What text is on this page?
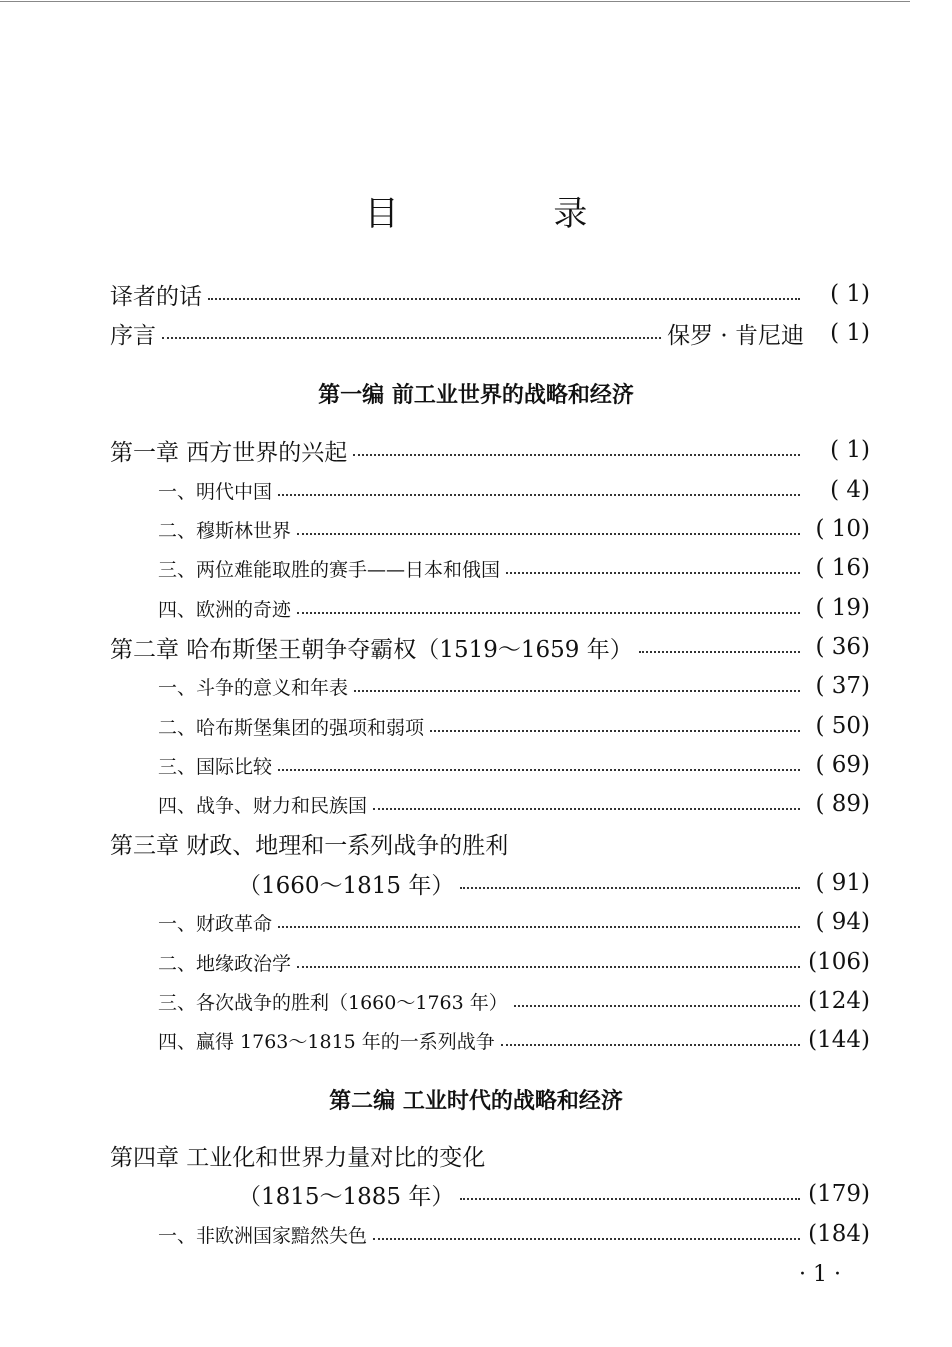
目 录
译者的话	( 1)
序言	保罗 · 肯尼迪	( 1)
第一编 前工业世界的战略和经济
第一章 西方世界的兴起	( 1)
一、明代中国	( 4)
二、穆斯林世界	( 10)
三、两位难能取胜的赛手——日本和俄国	( 16)
四、欧洲的奇迹	( 19)
第二章 哈布斯堡王朝争夺霸权（1519～1659 年）	( 36)
一、斗争的意义和年表	( 37)
二、哈布斯堡集团的强项和弱项	( 50)
三、国际比较	( 69)
四、战争、财力和民族国	( 89)
第三章 财政、地理和一系列战争的胜利
（1660～1815 年）	( 91)
一、财政革命	( 94)
二、地缘政治学	(106)
三、各次战争的胜利（1660～1763 年）	(124)
四、赢得 1763～1815 年的一系列战争	(144)
第二编 工业时代的战略和经济
第四章 工业化和世界力量对比的变化
（1815～1885 年）	(179)
一、非欧洲国家黯然失色	(184)
· 1 ·
